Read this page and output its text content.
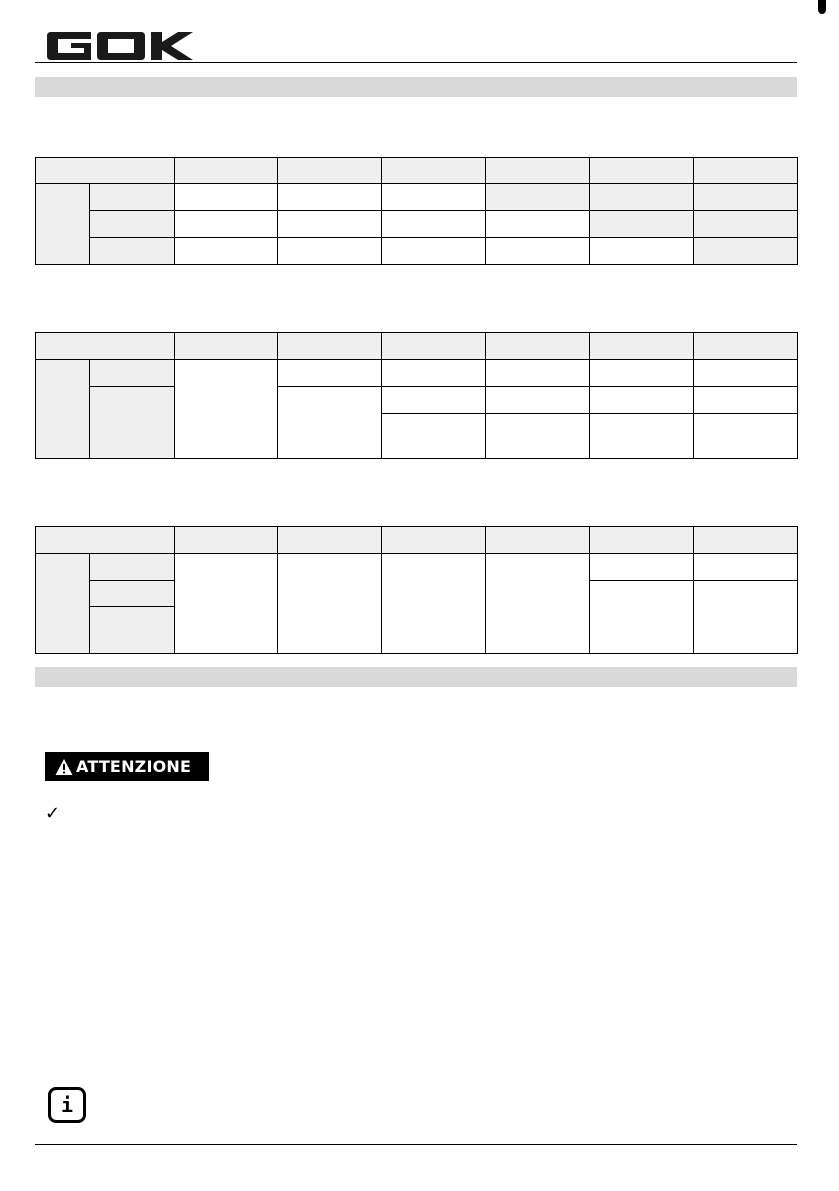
ATTENZIONE
✓
i
